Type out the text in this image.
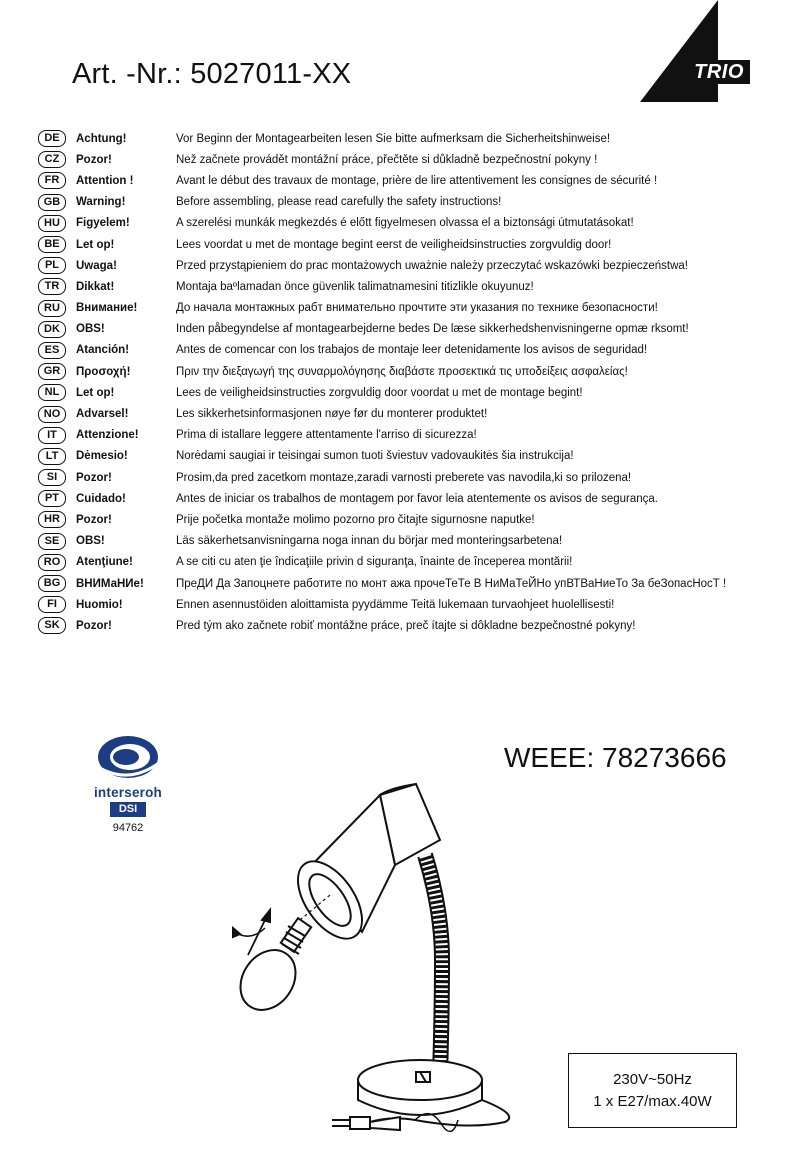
Art. -Nr.: 5027011-XX	TRIO
DE	Achtung!	Vor Beginn der Montagearbeiten lesen Sie bitte aufmerksam die Sicherheitshinweise!
CZ	Pozor!	Než začnete provádět montážní práce, přečtěte si důkladně bezpečnostní pokyny !
FR	Attention !	Avant le début des travaux de montage, prière de lire attentivement les consignes de sécurité !
GB	Warning!	Before assembling, please read carefully the safety instructions!
HU	Figyelem!	A szerelési munkák megkezdés é előtt figyelmesen olvassa el a biztonsági útmutatásokat!
BE	Let op!	Lees voordat u met de montage begint eerst de veiligheidsinstructies zorgvuldig door!
PL	Uwaga!	Przed przystąpieniem do prac montażowych uważnie należy przeczytać wskazówki bezpieczeństwa!
TR	Dikkat!	Montaja baºlamadan önce güvenlik talimatnamesini titizlikle okuyunuz!
RU	Внимание!	До начала монтажных рабт внимательно прочтите эти указания по технике безопасности!
DK	OBS!	Inden påbegyndelse af montagearbejderne bedes De læse sikkerhedshenvisningerne opmæ rksomt!
ES	Atanción!	Antes de comencar con los trabajos de montaje leer detenidamente los avisos de seguridad!
GR	Προσοχή!	Πριν την διεξαγωγή της συναρμολόγησης διαβάστε προσεκτικά τις υποδείξεις ασφαλείας!
NL	Let op!	Lees de veiligheidsinstructies zorgvuldig door voordat u met de montage begint!
NO	Advarsel!	Les sikkerhetsinformasjonen nøye før du monterer produktet!
IT	Attenzione!	Prima di istallare leggere attentamente l'arriso di sicurezza!
LT	Dėmesio!	Norėdami saugiai ir teisingai sumon tuoti šviestuv vadovaukitės šia instrukcija!
SI	Pozor!	Prosim,da pred zacetkom montaze,zaradi varnosti preberete vas navodila,ki so prilozena!
PT	Cuidado!	Antes de iniciar os trabalhos de montagem por favor leia atentemente os avisos de segurança.
HR	Pozor!	Prije početka montaže molimo pozorno pro čitajte sigurnosne naputke!
SE	OBS!	Läs säkerhetsanvisningarna noga innan du börjar med monteringsarbetena!
RO	Atenţiune!	A se citi cu aten ţie îndicaţiile privin d siguranţa, înainte de începerea montării!
BG	ВНИМаНИе!	ПреДИ Да Запоцнете работите по монт ажа прочеТеТе В НиМаТеЙНо упВТВаНиеТо За беЗопасНосТ !
FI	Huomio!	Ennen asennustöiden aloittamista pyydämme Teitä lukemaan turvaohjeet huolellisesti!
SK	Pozor!	Pred tým ako začnete robiť montážne práce, preč ítajte si dôkladne bezpečnostné pokyny!
interseroh
DSI
94762
WEEE: 78273666
230V~50Hz
1 x E27/max.40W
